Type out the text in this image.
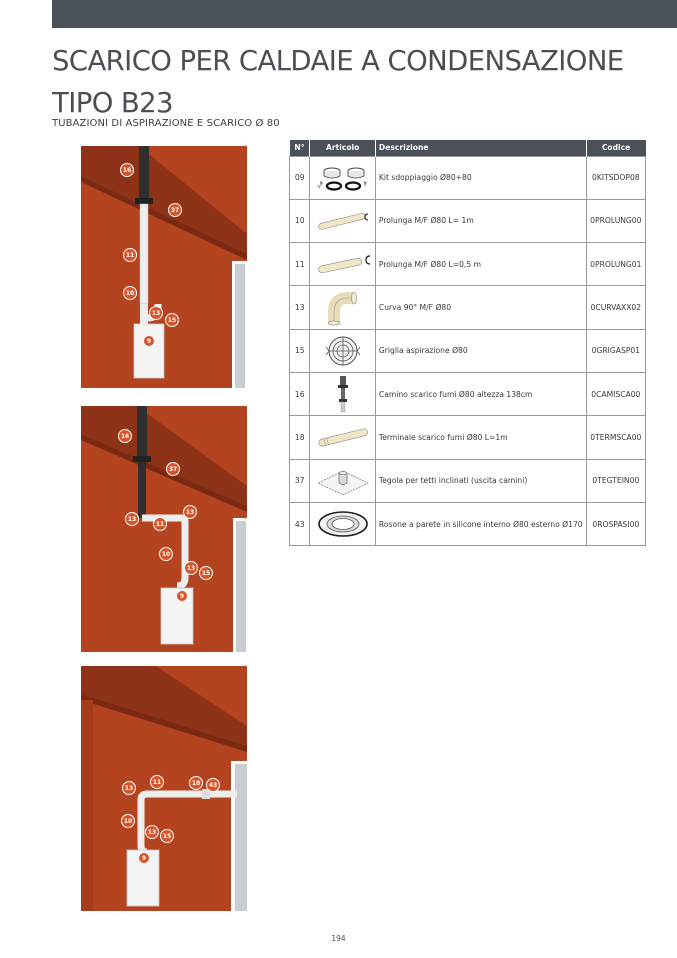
SCARICO PER CALDAIE A CONDENSAZIONE
TIPO B23
TUBAZIONI DI ASPIRAZIONE E SCARICO Ø 80
16
37
11
10
13
15
9
16
37
13
13
11
10
13
15
9
13
11	18 43
10
13
15
9
N°	Articolo	Descrizione	Codice
09		Kit sdoppiaggio Ø80+80	0KITSDOP08
10		Prolunga M/F Ø80 L= 1m	0PROLUNG00
11		Prolunga M/F Ø80 L=0,5 m	0PROLUNG01
13		Curva 90° M/F Ø80	0CURVAXX02
15		Griglia aspirazione Ø80	0GRIGASP01
16		Camino scarico fumi Ø80 altezza 138cm	0CAMISCA00
18		Terminale scarico fumi Ø80 L=1m	0TERMSCA00
37		Tegola per tetti inclinati (uscita camini)	0TEGTEIN00
43		Rosone a parete in silicone interno Ø80 esterno Ø170	0ROSPASI00
194
